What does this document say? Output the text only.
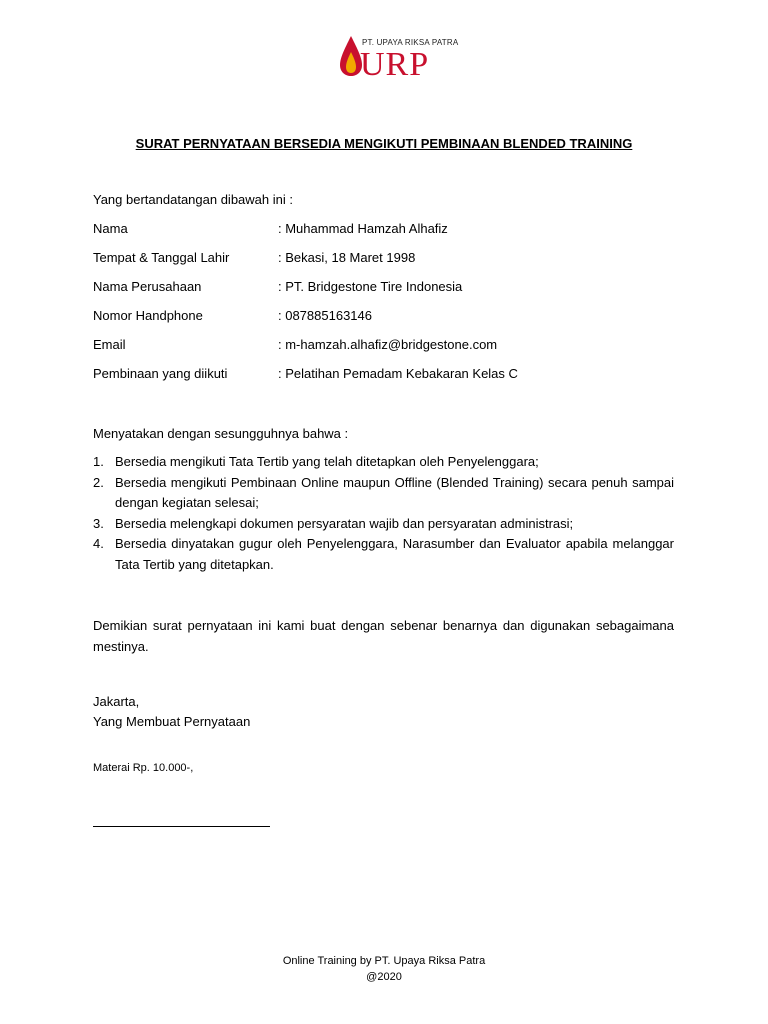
PT. UPAYA RIKSA PATRA
URP
SURAT PERNYATAAN BERSEDIA MENGIKUTI PEMBINAAN BLENDED TRAINING
Yang bertandatangan dibawah ini :
Nama	: Muhammad Hamzah Alhafiz
Tempat & Tanggal Lahir	: Bekasi, 18 Maret 1998
Nama Perusahaan	: PT. Bridgestone Tire Indonesia
Nomor Handphone	: 087885163146
Email	: m-hamzah.alhafiz@bridgestone.com
Pembinaan yang diikuti	: Pelatihan Pemadam Kebakaran Kelas C
Menyatakan dengan sesungguhnya bahwa :
1. Bersedia mengikuti Tata Tertib yang telah ditetapkan oleh Penyelenggara;
2. Bersedia mengikuti Pembinaan Online maupun Offline (Blended Training) secara penuh sampai dengan kegiatan selesai;
3. Bersedia melengkapi dokumen persyaratan wajib dan persyaratan administrasi;
4. Bersedia dinyatakan gugur oleh Penyelenggara, Narasumber dan Evaluator apabila melanggar Tata Tertib yang ditetapkan.
Demikian surat pernyataan ini kami buat dengan sebenar benarnya dan digunakan sebagaimana mestinya.
Jakarta,
Yang Membuat Pernyataan
Materai Rp. 10.000-,
Online Training by PT. Upaya Riksa Patra
@2020
